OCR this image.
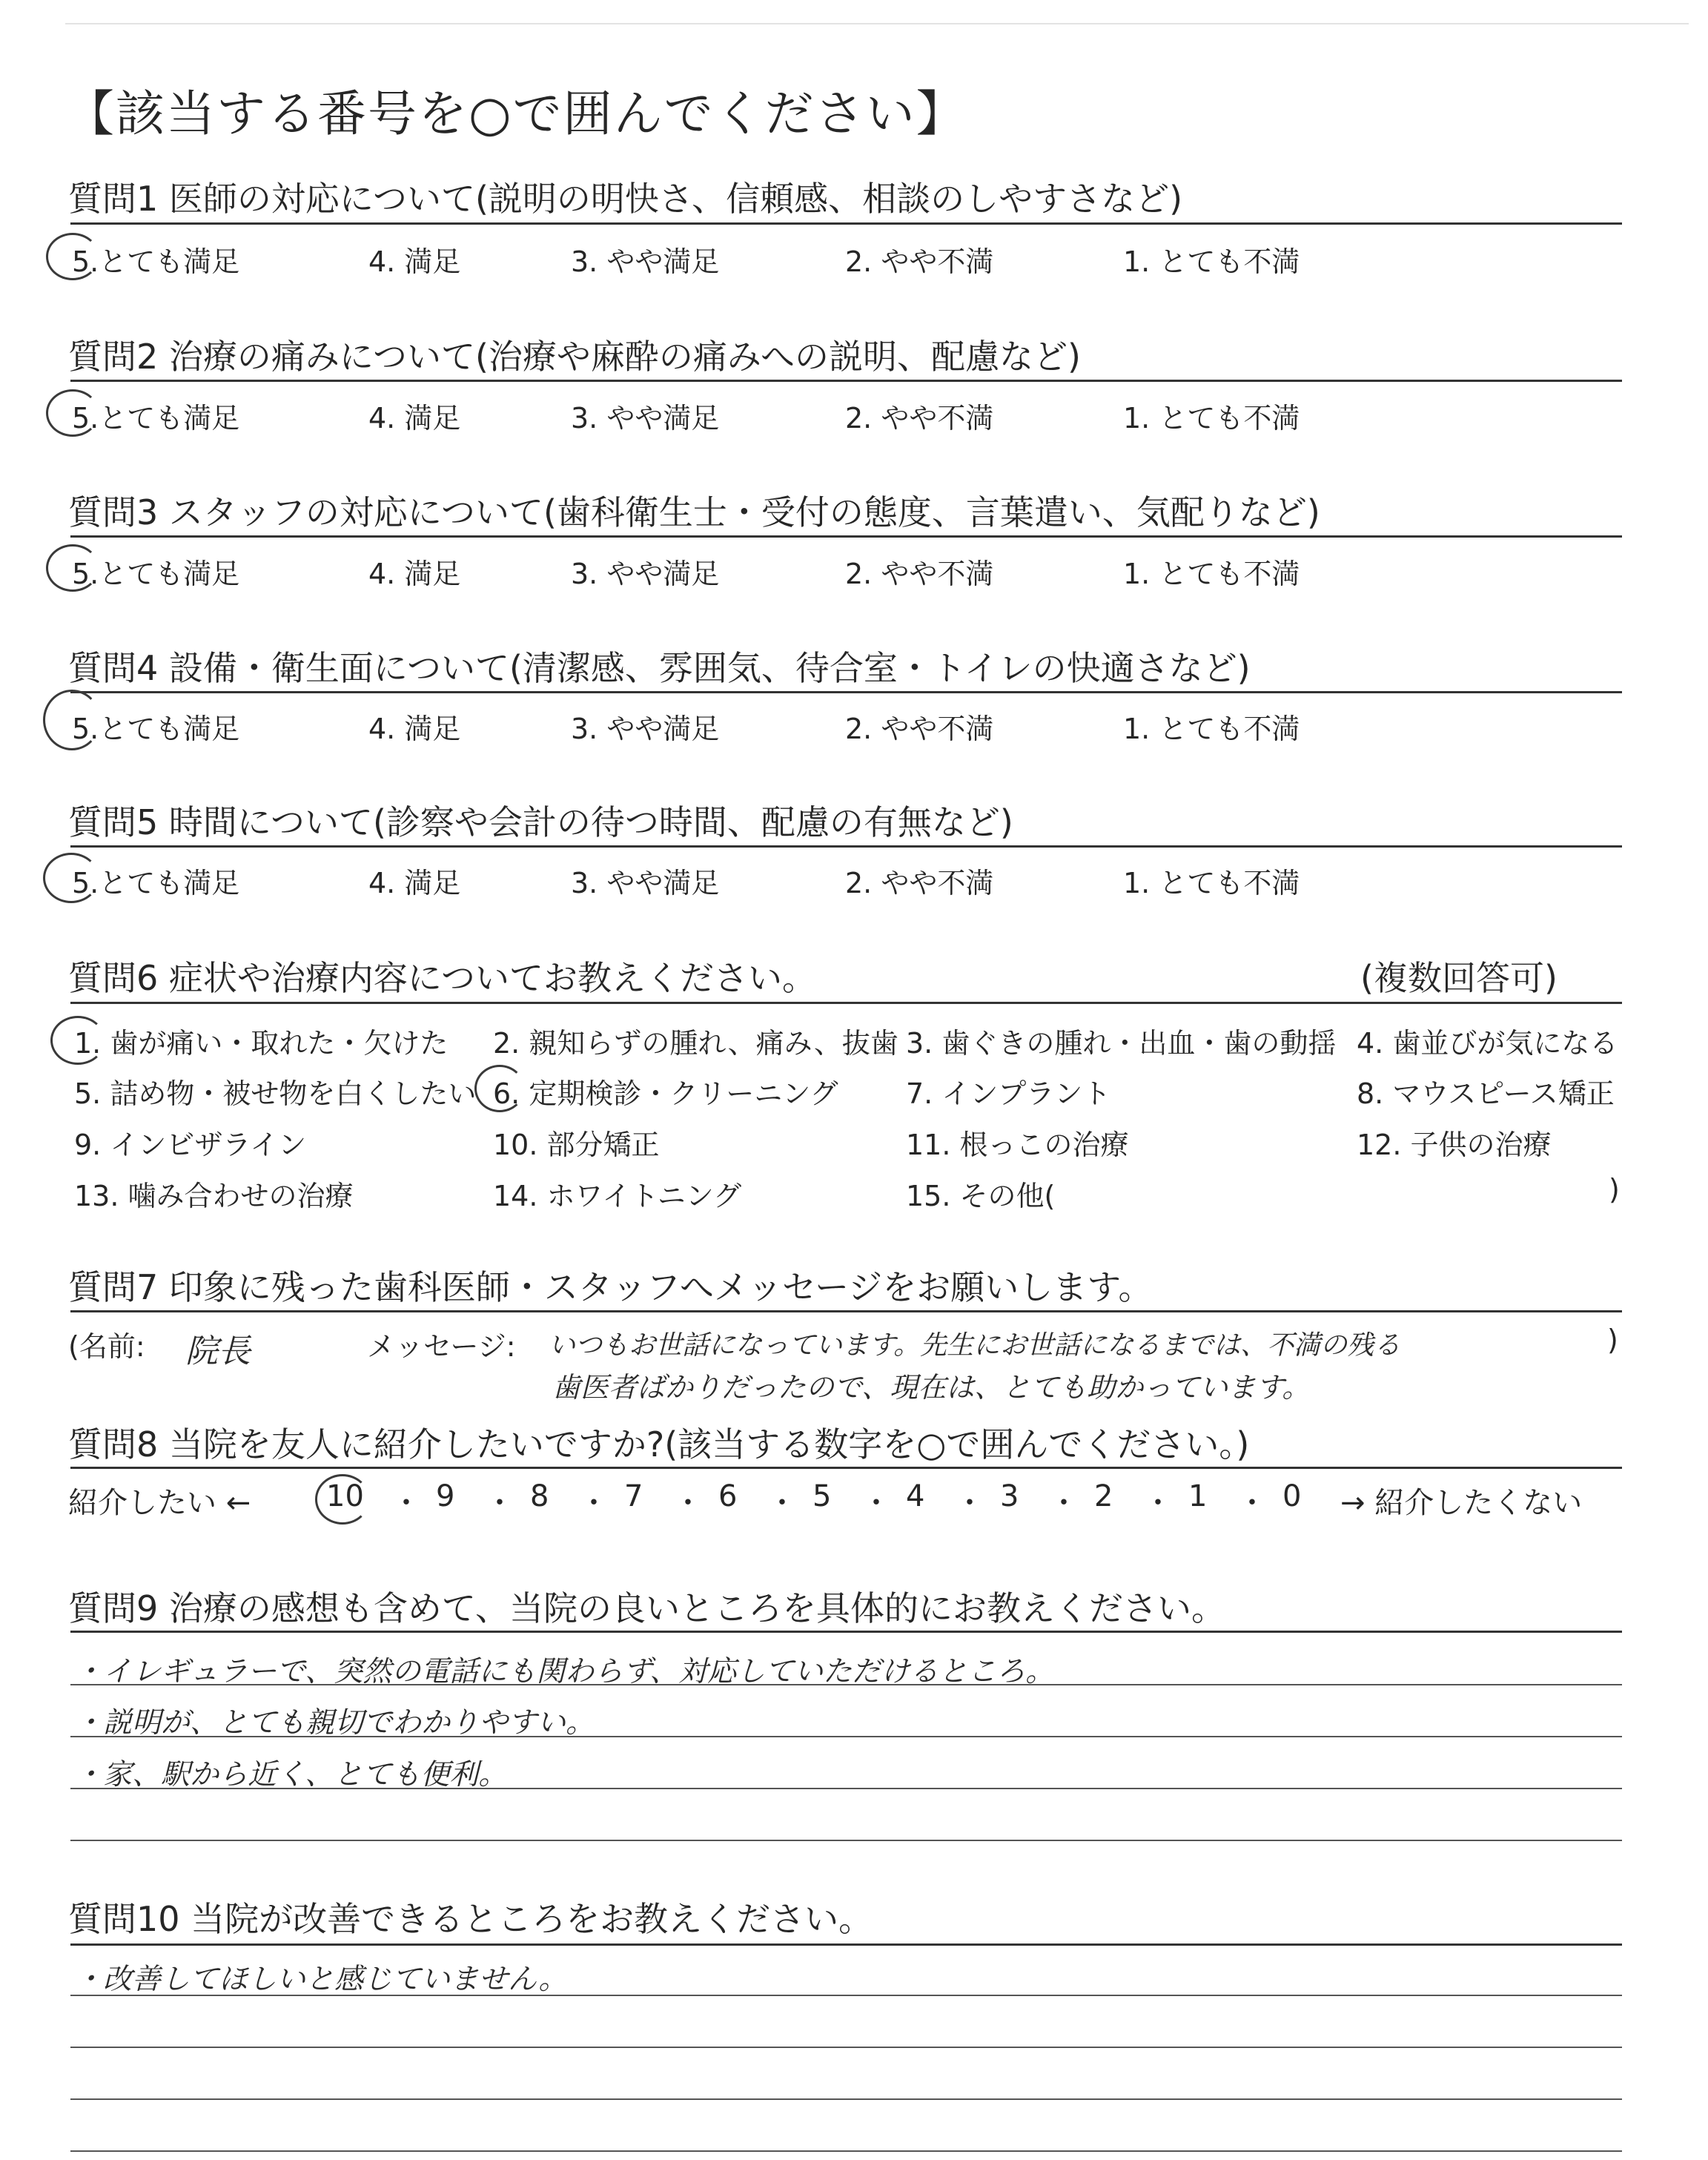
【該当する番号を○で囲んでください】
質問1 医師の対応について(説明の明快さ、信頼感、相談のしやすさなど)
5.とても満足	4. 満足	3. やや満足	2. やや不満	1. とても不満
質問2 治療の痛みについて(治療や麻酔の痛みへの説明、配慮など)
5.とても満足	4. 満足	3. やや満足	2. やや不満	1. とても不満
質問3 スタッフの対応について(歯科衛生士・受付の態度、言葉遣い、気配りなど)
5.とても満足	4. 満足	3. やや満足	2. やや不満	1. とても不満
質問4 設備・衛生面について(清潔感、雰囲気、待合室・トイレの快適さなど)
5.とても満足	4. 満足	3. やや満足	2. やや不満	1. とても不満
質問5 時間について(診察や会計の待つ時間、配慮の有無など)
5.とても満足	4. 満足	3. やや満足	2. やや不満	1. とても不満
質問6 症状や治療内容についてお教えください。	(複数回答可)
1. 歯が痛い・取れた・欠けた 2. 親知らずの腫れ、痛み、抜歯 3. 歯ぐきの腫れ・出血・歯の動揺 4. 歯並びが気になる
5. 詰め物・被せ物を白くしたい 6. 定期検診・クリーニング 7. インプラント	8. マウスピース矯正
9. インビザライン	10. 部分矯正	11. 根っこの治療	12. 子供の治療
13. 噛み合わせの治療	14. ホワイトニング	15. その他(	)
質問7 印象に残った歯科医師・スタッフへメッセージをお願いします。
(名前: 院長	メッセージ: いつもお世話になっています。先生にお世話になるまでは、不満の残る	)
歯医者ばかりだったので、現在は、とても助かっています。
質問8 当院を友人に紹介したいですか?(該当する数字を○で囲んでください。)
紹介したい ←	10 ・ 9 ・ 8 ・ 7 ・ 6 ・ 5 ・ 4 ・ 3 ・ 2 ・ 1 ・ 0 → 紹介したくない
質問9 治療の感想も含めて、当院の良いところを具体的にお教えください。
・イレギュラーで、突然の電話にも関わらず、対応していただけるところ。
・説明が、とても親切でわかりやすい。
・家、駅から近く、とても便利。
質問10 当院が改善できるところをお教えください。
・改善してほしいと感じていません。
